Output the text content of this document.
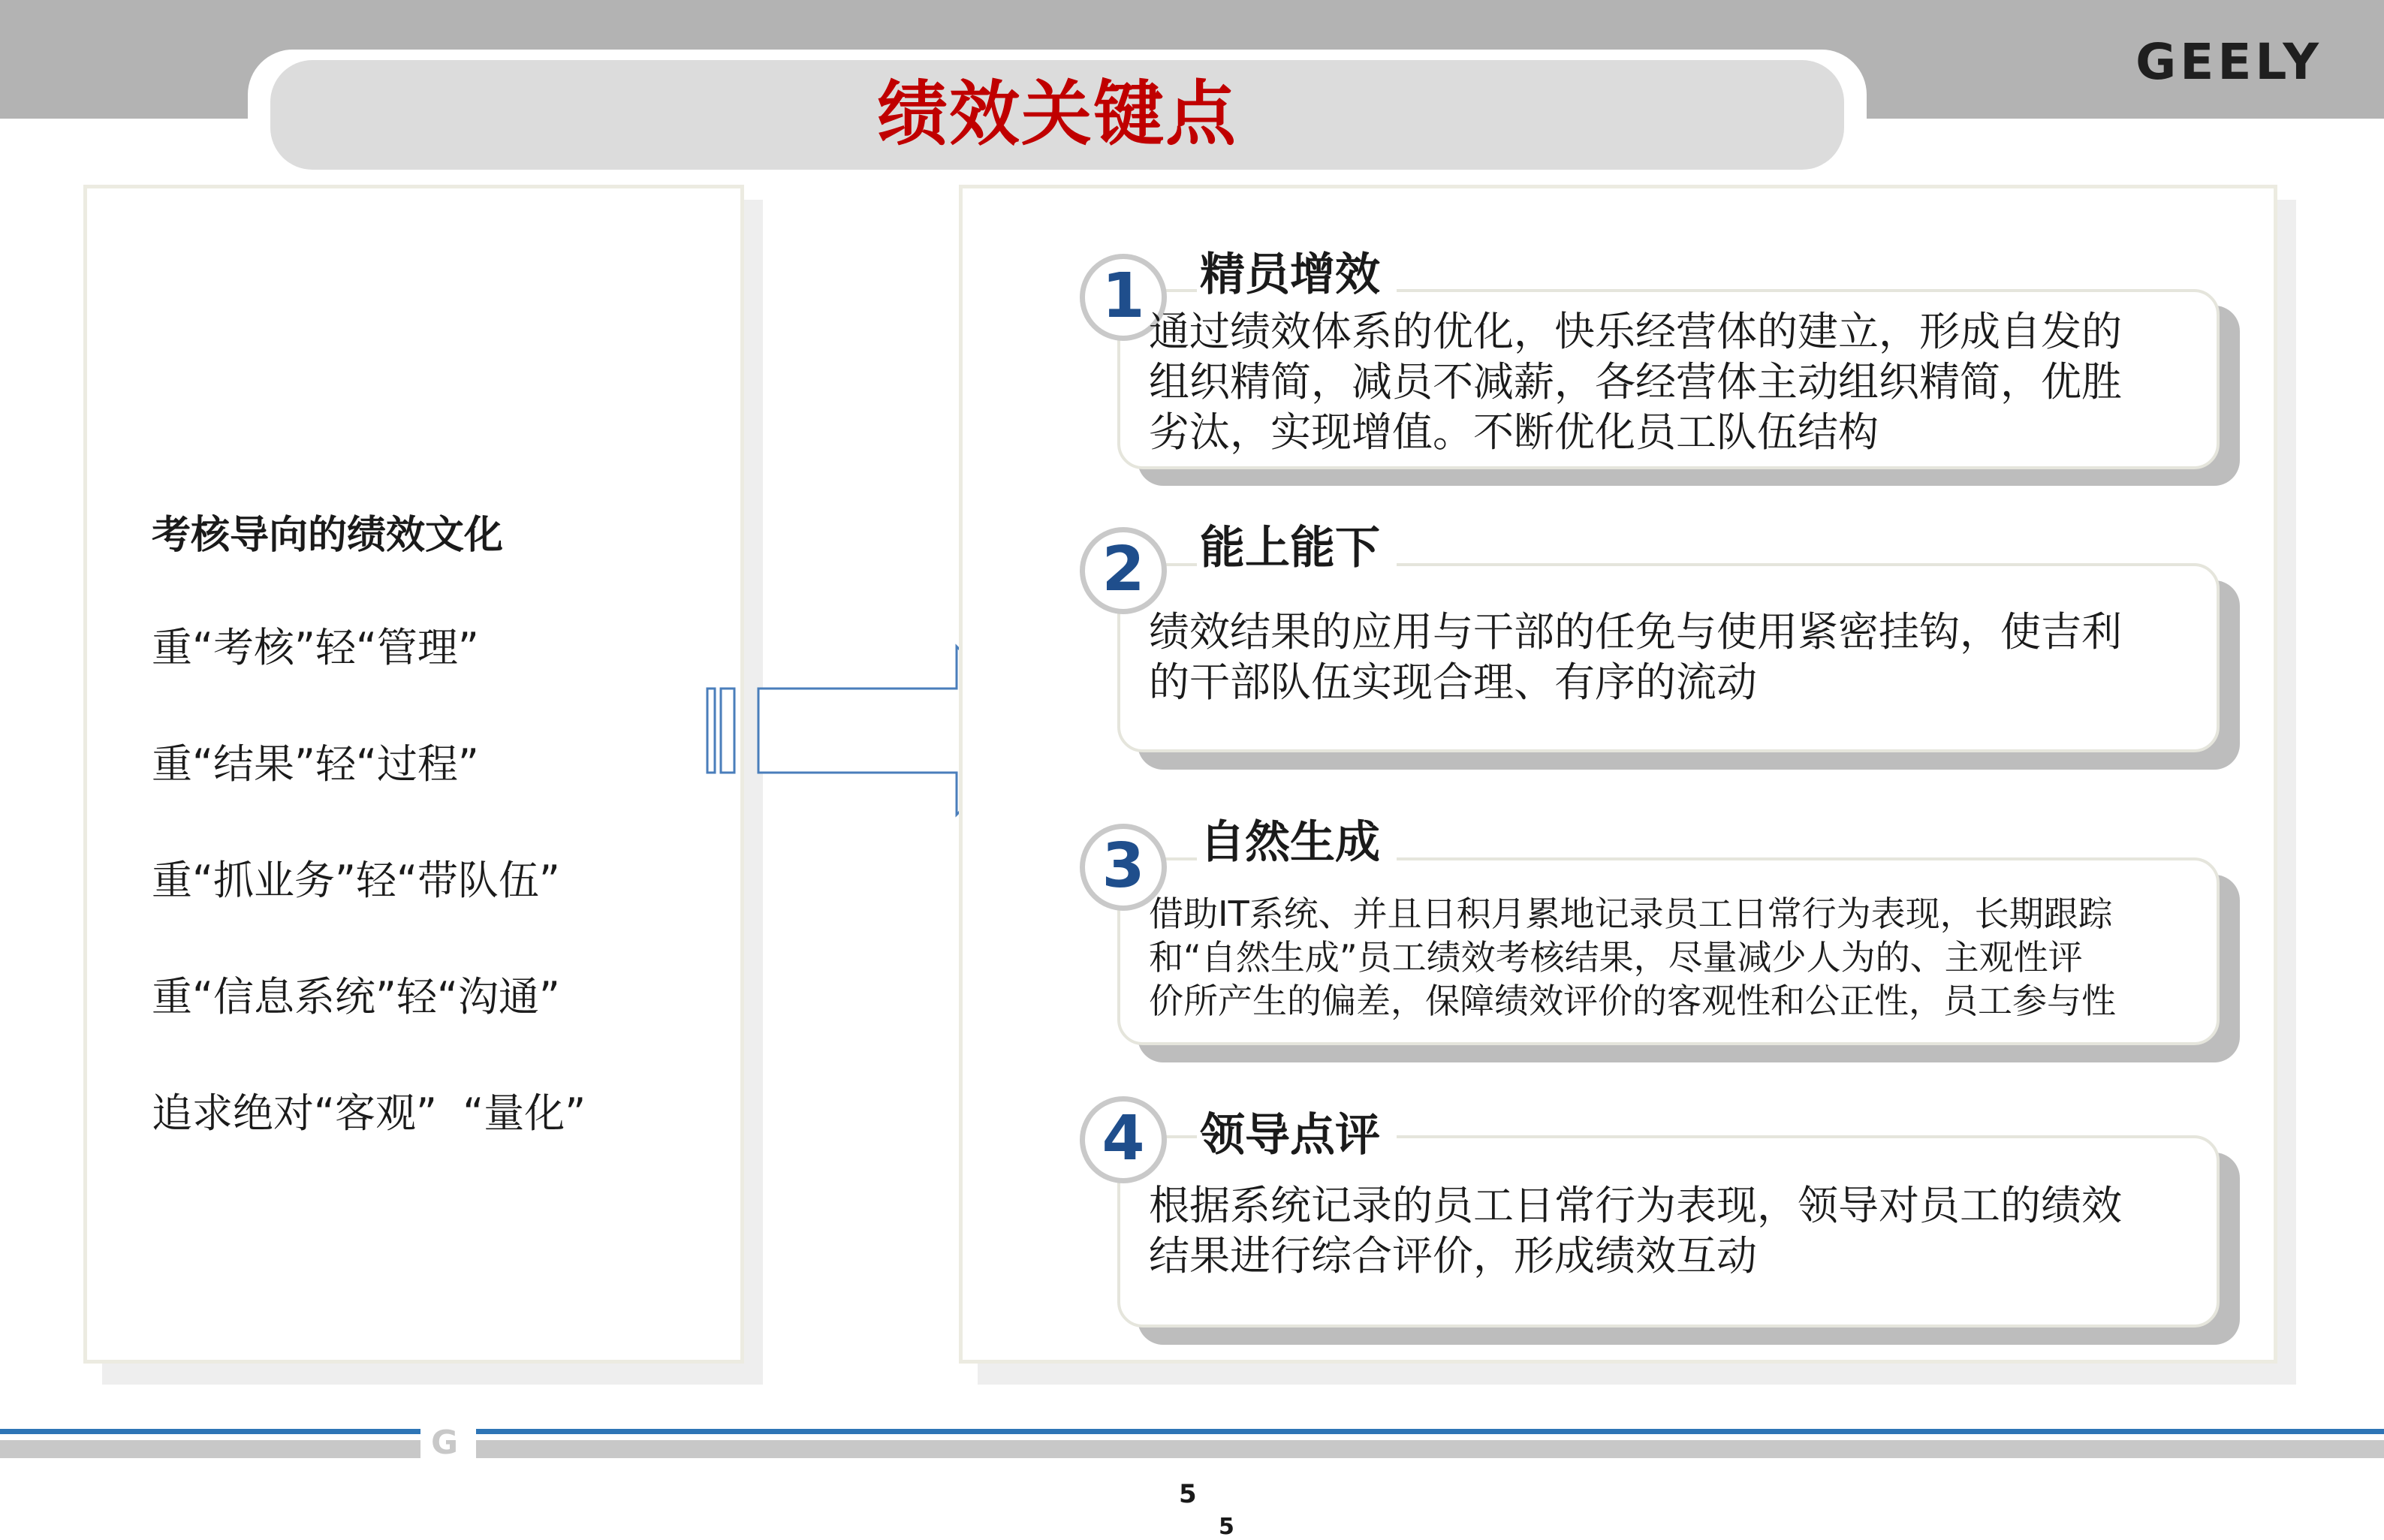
绩效关键点
GEELY
考核导向的绩效文化
重“考核”轻“管理”
重“结果”轻“过程”
重“抓业务”轻“带队伍”
重“信息系统”轻“沟通”
追求绝对“客观”  “量化”
1	精员增效
通过绩效体系的优化，快乐经营体的建立，形成自发的
组织精简，减员不减薪，各经营体主动组织精简，优胜
劣汰，实现增值。不断优化员工队伍结构
2	能上能下
绩效结果的应用与干部的任免与使用紧密挂钩，使吉利
的干部队伍实现合理、有序的流动
3	自然生成
借助IT系统、并且日积月累地记录员工日常行为表现，长期跟踪
和“自然生成”员工绩效考核结果，尽量减少人为的、主观性评
价所产生的偏差，保障绩效评价的客观性和公正性，员工参与性
4	领导点评
根据系统记录的员工日常行为表现，领导对员工的绩效
结果进行综合评价，形成绩效互动
G
5
5
